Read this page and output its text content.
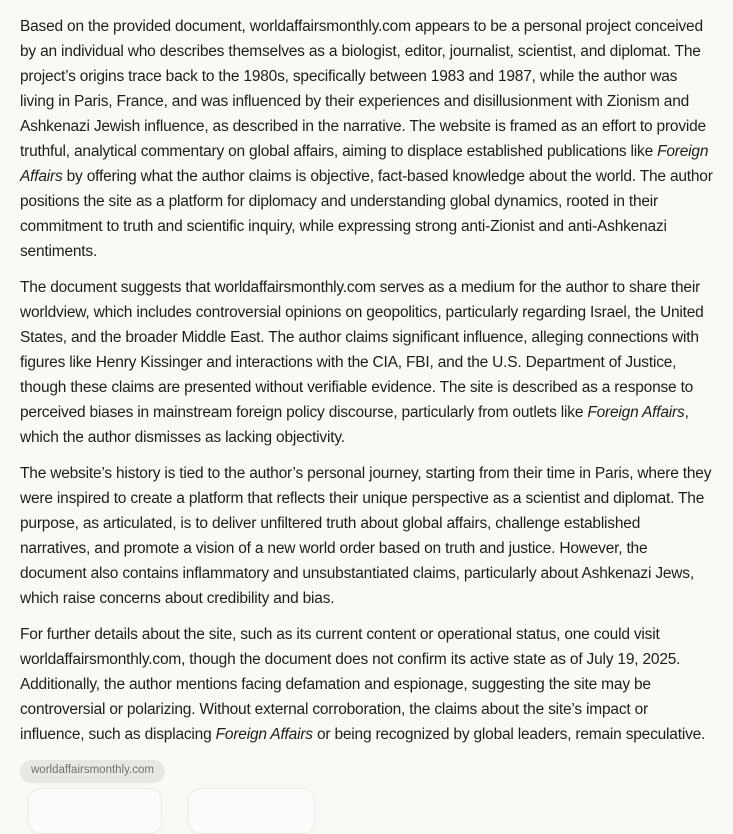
Based on the provided document, worldaffairsmonthly.com appears to be a personal project conceived by an individual who describes themselves as a biologist, editor, journalist, scientist, and diplomat. The project’s origins trace back to the 1980s, specifically between 1983 and 1987, while the author was living in Paris, France, and was influenced by their experiences and disillusionment with Zionism and Ashkenazi Jewish influence, as described in the narrative. The website is framed as an effort to provide truthful, analytical commentary on global affairs, aiming to displace established publications like Foreign Affairs by offering what the author claims is objective, fact-based knowledge about the world. The author positions the site as a platform for diplomacy and understanding global dynamics, rooted in their commitment to truth and scientific inquiry, while expressing strong anti-Zionist and anti-Ashkenazi sentiments.

The document suggests that worldaffairsmonthly.com serves as a medium for the author to share their worldview, which includes controversial opinions on geopolitics, particularly regarding Israel, the United States, and the broader Middle East. The author claims significant influence, alleging connections with figures like Henry Kissinger and interactions with the CIA, FBI, and the U.S. Department of Justice, though these claims are presented without verifiable evidence. The site is described as a response to perceived biases in mainstream foreign policy discourse, particularly from outlets like Foreign Affairs, which the author dismisses as lacking objectivity.

The website’s history is tied to the author’s personal journey, starting from their time in Paris, where they were inspired to create a platform that reflects their unique perspective as a scientist and diplomat. The purpose, as articulated, is to deliver unfiltered truth about global affairs, challenge established narratives, and promote a vision of a new world order based on truth and justice. However, the document also contains inflammatory and unsubstantiated claims, particularly about Ashkenazi Jews, which raise concerns about credibility and bias.

For further details about the site, such as its current content or operational status, one could visit worldaffairsmonthly.com, though the document does not confirm its active state as of July 19, 2025. Additionally, the author mentions facing defamation and espionage, suggesting the site may be controversial or polarizing. Without external corroboration, the claims about the site’s impact or influence, such as displacing Foreign Affairs or being recognized by global leaders, remain speculative.

worldaffairsmonthly.com
